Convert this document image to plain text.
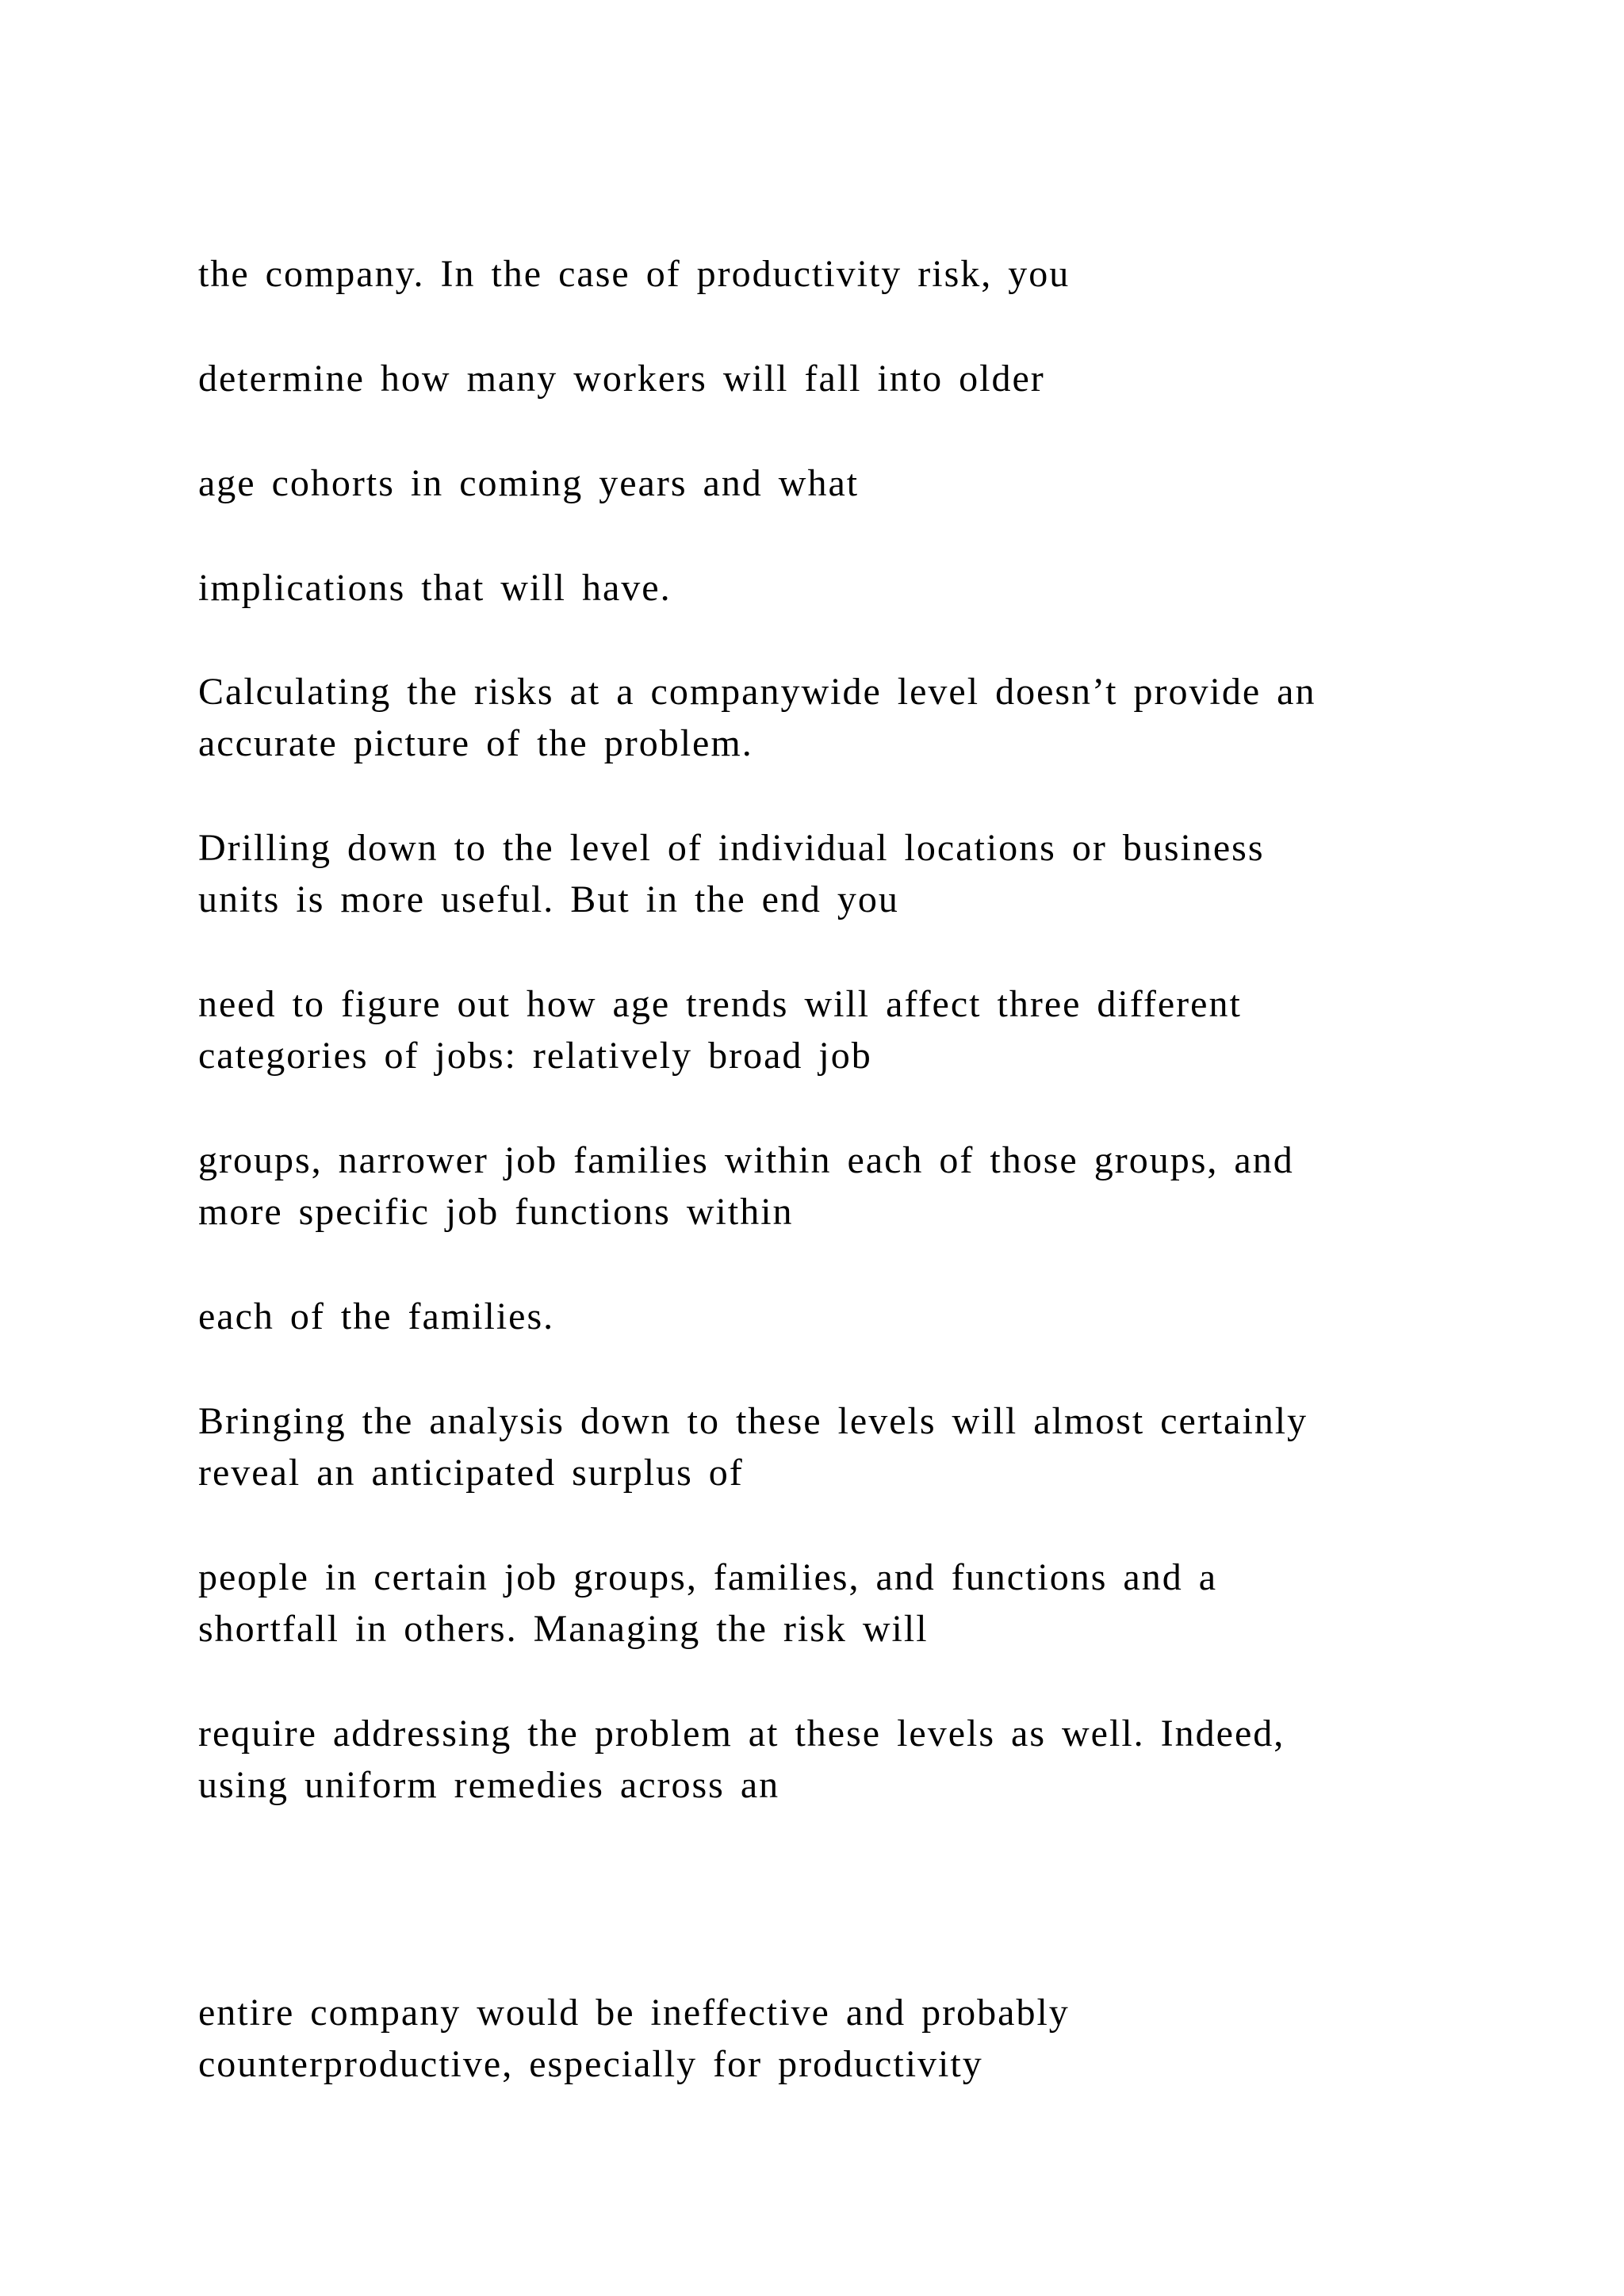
the company. In the case of productivity risk, you

determine how many workers will fall into older

age cohorts in coming years and what

implications that will have.

Calculating the risks at a companywide level doesn’t provide an
accurate picture of the problem.

Drilling down to the level of individual locations or business
units is more useful. But in the end you

need to figure out how age trends will affect three different
categories of jobs: relatively broad job

groups, narrower job families within each of those groups, and
more specific job functions within

each of the families.

Bringing the analysis down to these levels will almost certainly
reveal an anticipated surplus of

people in certain job groups, families, and functions and a
shortfall in others. Managing the risk will

require addressing the problem at these levels as well. Indeed,
using uniform remedies across an

entire company would be ineffective and probably
counterproductive, especially for productivity
